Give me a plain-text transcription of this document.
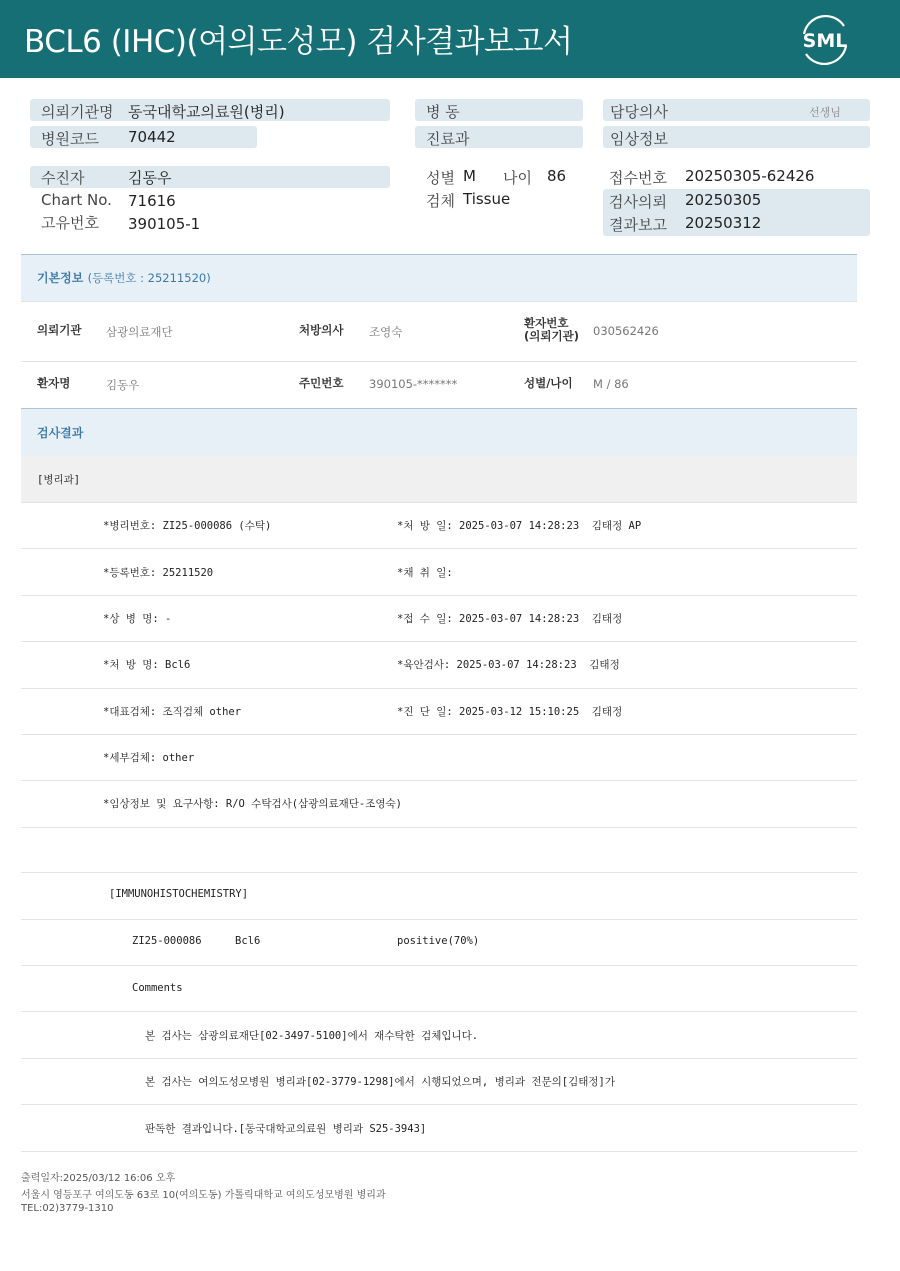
BCL6 (IHC)(여의도성모) 검사결과보고서	SML
의뢰기관명 동국대학교의료원(병리)
병원코드 70442
병 동
진료과
담당의사	선생님
임상정보
수진자	김동우
Chart No. 71616
고유번호 390105-1
성별 M 나이 86
검체 Tissue
접수번호 20250305-62426
검사의뢰 20250305
결과보고 20250312
기본정보 (등록번호 : 25211520)
의뢰기관 삼광의료재단	처방의사 조영숙
환자번호
(의뢰기관) 030562426
환자명	김동우	주민번호 390105-*******	성별/나이 M / 86
검사결과
[병리과]
*병리번호: ZI25-000086 (수탁)	*처 방 일: 2025-03-07 14:28:23  김태정 AP
*등록번호: 25211520	*채 취 일:
*상 병 명: -	*접 수 일: 2025-03-07 14:28:23  김태정
*처 방 명: Bcl6	*육안검사: 2025-03-07 14:28:23  김태정
*대표검체: 조직검체 other	*진 단 일: 2025-03-12 15:10:25  김태정
*세부검체: other
*임상정보 및 요구사항: R/O 수탁검사(삼광의료재단-조영숙)
[IMMUNOHISTOCHEMISTRY]
ZI25-000086	Bcl6	positive(70%)
Comments
본 검사는 삼광의료재단[02-3497-5100]에서 재수탁한 검체입니다.
본 검사는 여의도성모병원 병리과[02-3779-1298]에서 시행되었으며, 병리과 전문의[김태정]가
판독한 결과입니다.[동국대학교의료원 병리과 S25-3943]
출력일자:2025/03/12 16:06 오후
서울시 영등포구 여의도동 63로 10(여의도동) 가톨릭대학교 여의도성모병원 병리과
TEL:02)3779-1310
